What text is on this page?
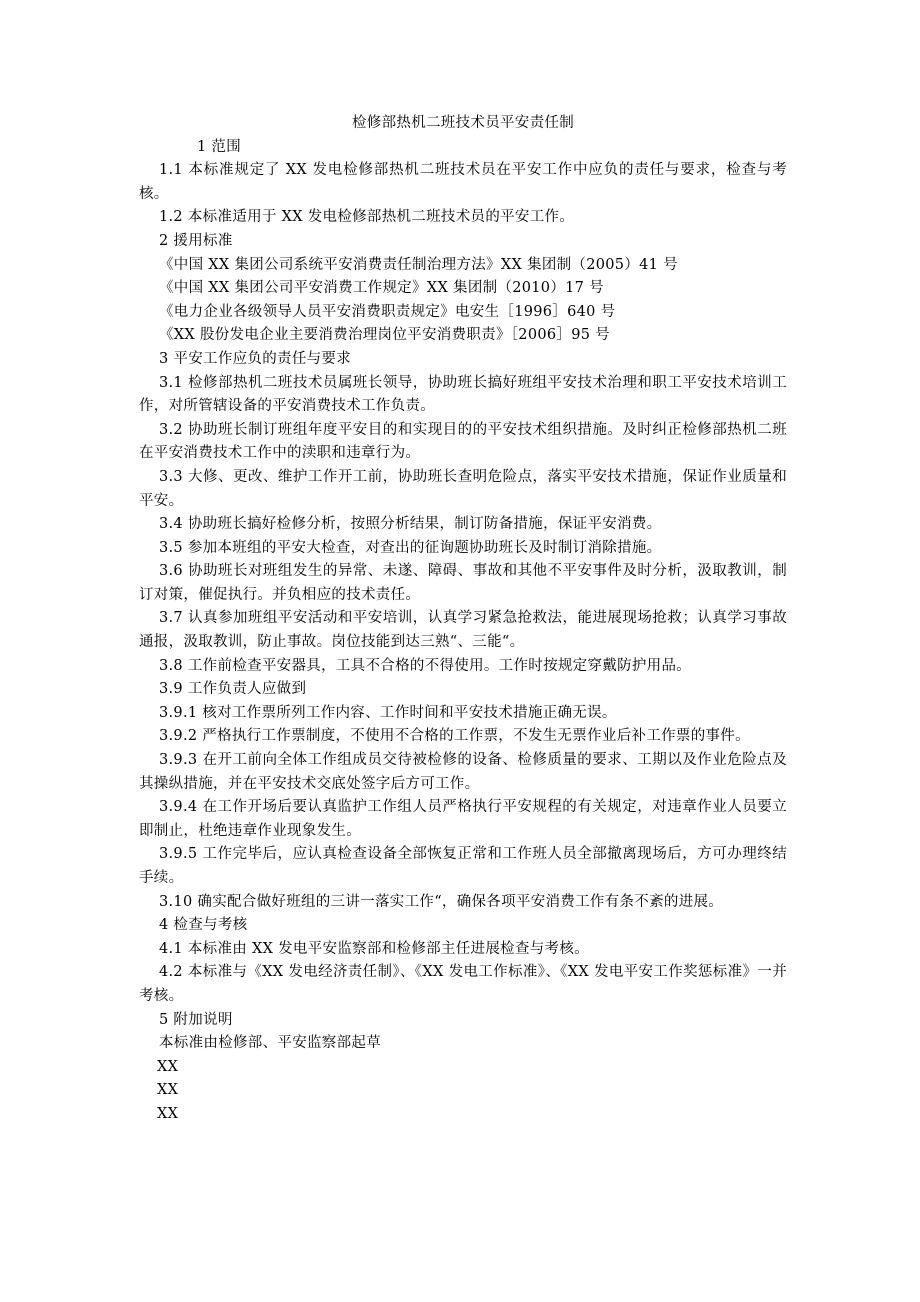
检修部热机二班技术员平安责任制

1 范围

1.1 本标准规定了 XX 发电检修部热机二班技术员在平安工作中应负的责任与要求，检查与考核。

1.2 本标准适用于 XX 发电检修部热机二班技术员的平安工作。

2 援用标准

《中国 XX 集团公司系统平安消费责任制治理方法》XX 集团制（2005）41 号

《中国 XX 集团公司平安消费工作规定》XX 集团制（2010）17 号

《电力企业各级领导人员平安消费职责规定》电安生［1996］640 号

《XX 股份发电企业主要消费治理岗位平安消费职责》［2006］95 号

3 平安工作应负的责任与要求

3.1 检修部热机二班技术员属班长领导，协助班长搞好班组平安技术治理和职工平安技术培训工作，对所管辖设备的平安消费技术工作负责。

3.2 协助班长制订班组年度平安目的和实现目的的平安技术组织措施。及时纠正检修部热机二班在平安消费技术工作中的渎职和违章行为。

3.3 大修、更改、维护工作开工前，协助班长查明危险点，落实平安技术措施，保证作业质量和平安。

3.4 协助班长搞好检修分析，按照分析结果，制订防备措施，保证平安消费。

3.5 参加本班组的平安大检查，对查出的征询题协助班长及时制订消除措施。

3.6 协助班长对班组发生的异常、未遂、障碍、事故和其他不平安事件及时分析，汲取教训，制订对策，催促执行。并负相应的技术责任。

3.7 认真参加班组平安活动和平安培训，认真学习紧急抢救法，能进展现场抢救；认真学习事故通报，汲取教训，防止事故。岗位技能到达三熟“、三能“。

3.8 工作前检查平安器具，工具不合格的不得使用。工作时按规定穿戴防护用品。

3.9 工作负责人应做到

3.9.1 核对工作票所列工作内容、工作时间和平安技术措施正确无误。

3.9.2 严格执行工作票制度，不使用不合格的工作票，不发生无票作业后补工作票的事件。

3.9.3 在开工前向全体工作组成员交待被检修的设备、检修质量的要求、工期以及作业危险点及其操纵措施，并在平安技术交底处签字后方可工作。

3.9.4 在工作开场后要认真监护工作组人员严格执行平安规程的有关规定，对违章作业人员要立即制止，杜绝违章作业现象发生。

3.9.5 工作完毕后，应认真检查设备全部恢复正常和工作班人员全部撤离现场后，方可办理终结手续。

3.10 确实配合做好班组的三讲一落实工作“，确保各项平安消费工作有条不紊的进展。

4 检查与考核

4.1 本标准由 XX 发电平安监察部和检修部主任进展检查与考核。

4.2 本标准与《XX 发电经济责任制》、《XX 发电工作标准》、《XX 发电平安工作奖惩标准》一并考核。

5 附加说明

本标准由检修部、平安监察部起草

XX

XX

XX
